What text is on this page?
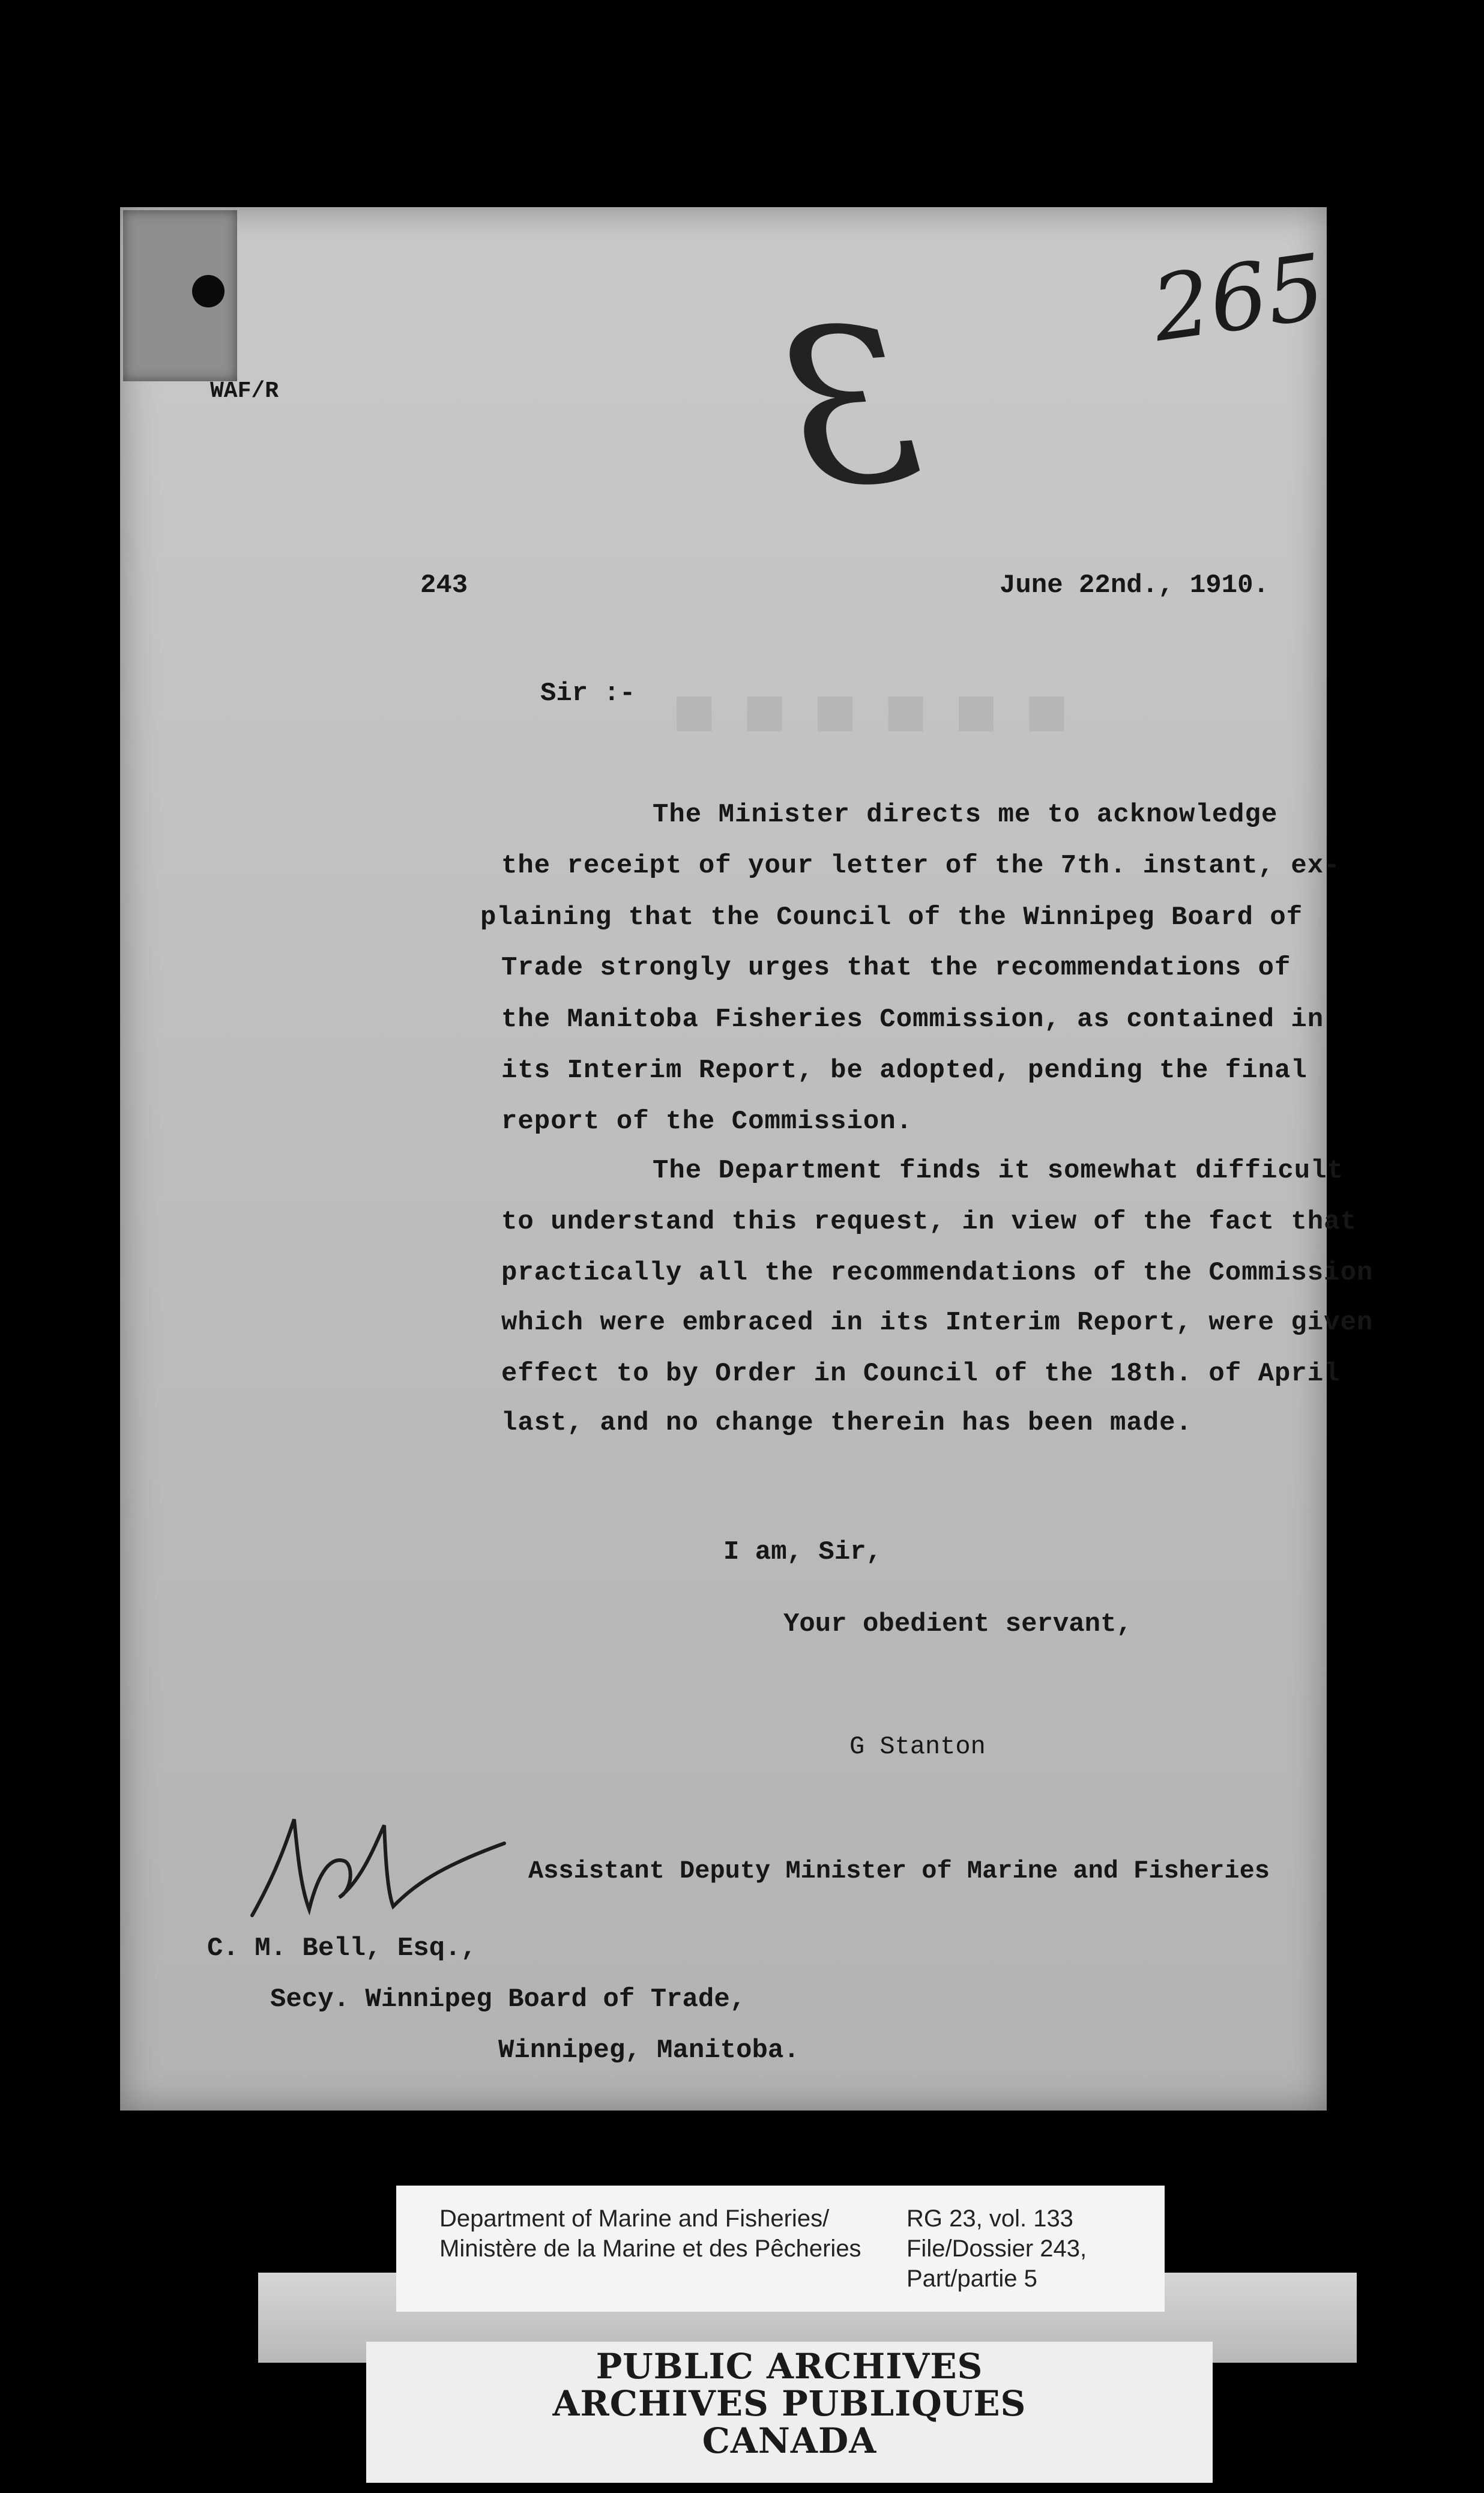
■■■■■■
WAF/R
243	June 22nd., 1910.
265
3
Sir :-
The Minister directs me to acknowledge
the receipt of your letter of the 7th. instant, ex-
plaining that the Council of the Winnipeg Board of
Trade strongly urges that the recommendations of
the Manitoba Fisheries Commission, as contained in
its Interim Report, be adopted, pending the final
report of the Commission.
The Department finds it somewhat difficult
to understand this request, in view of the fact that
practically all the recommendations of the Commission
which were embraced in its Interim Report, were given
effect to by Order in Council of the 18th. of April
last, and no change therein has been made.
I am, Sir,
Your obedient servant,
G Stanton
Assistant Deputy Minister of Marine and Fisheries
C. M. Bell, Esq.,
Secy. Winnipeg Board of Trade,
Winnipeg, Manitoba.
Department of Marine and Fisheries/
Ministère de la Marine et des Pêcheries
RG 23, vol. 133
File/Dossier 243,
Part/partie 5
PUBLIC ARCHIVES
ARCHIVES PUBLIQUES
CANADA
